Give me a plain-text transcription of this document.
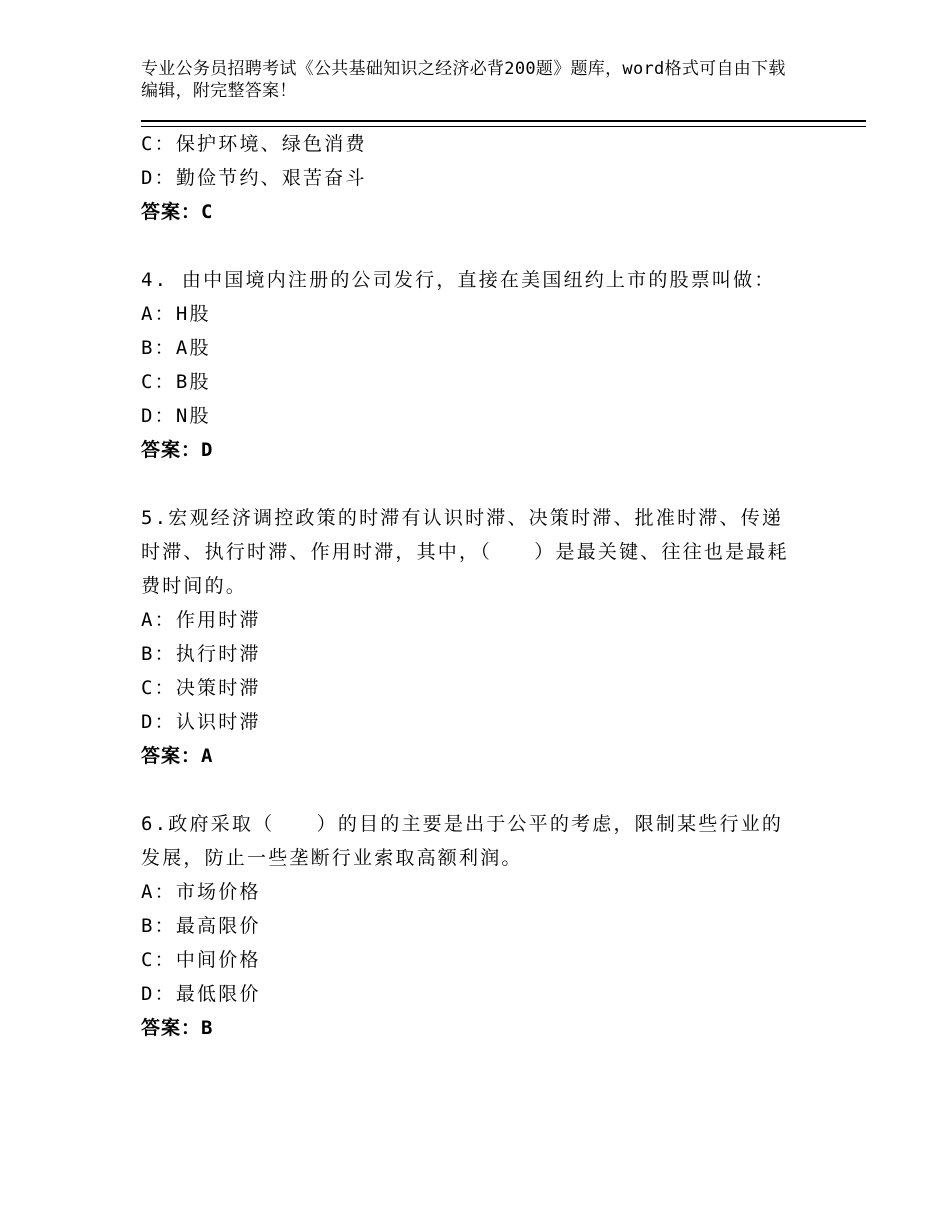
专业公务员招聘考试《公共基础知识之经济必背200题》题库，word格式可自由下载编辑，附完整答案！
C：保护环境、绿色消费
D：勤俭节约、艰苦奋斗
答案：C
4. 由中国境内注册的公司发行，直接在美国纽约上市的股票叫做：
A：H股
B：A股
C：B股
D：N股
答案：D
5.宏观经济调控政策的时滞有认识时滞、决策时滞、批准时滞、传递时滞、执行时滞、作用时滞，其中，（　　）是最关键、往往也是最耗费时间的。
A：作用时滞
B：执行时滞
C：决策时滞
D：认识时滞
答案：A
6.政府采取（　　）的目的主要是出于公平的考虑，限制某些行业的发展，防止一些垄断行业索取高额利润。
A：市场价格
B：最高限价
C：中间价格
D：最低限价
答案：B
